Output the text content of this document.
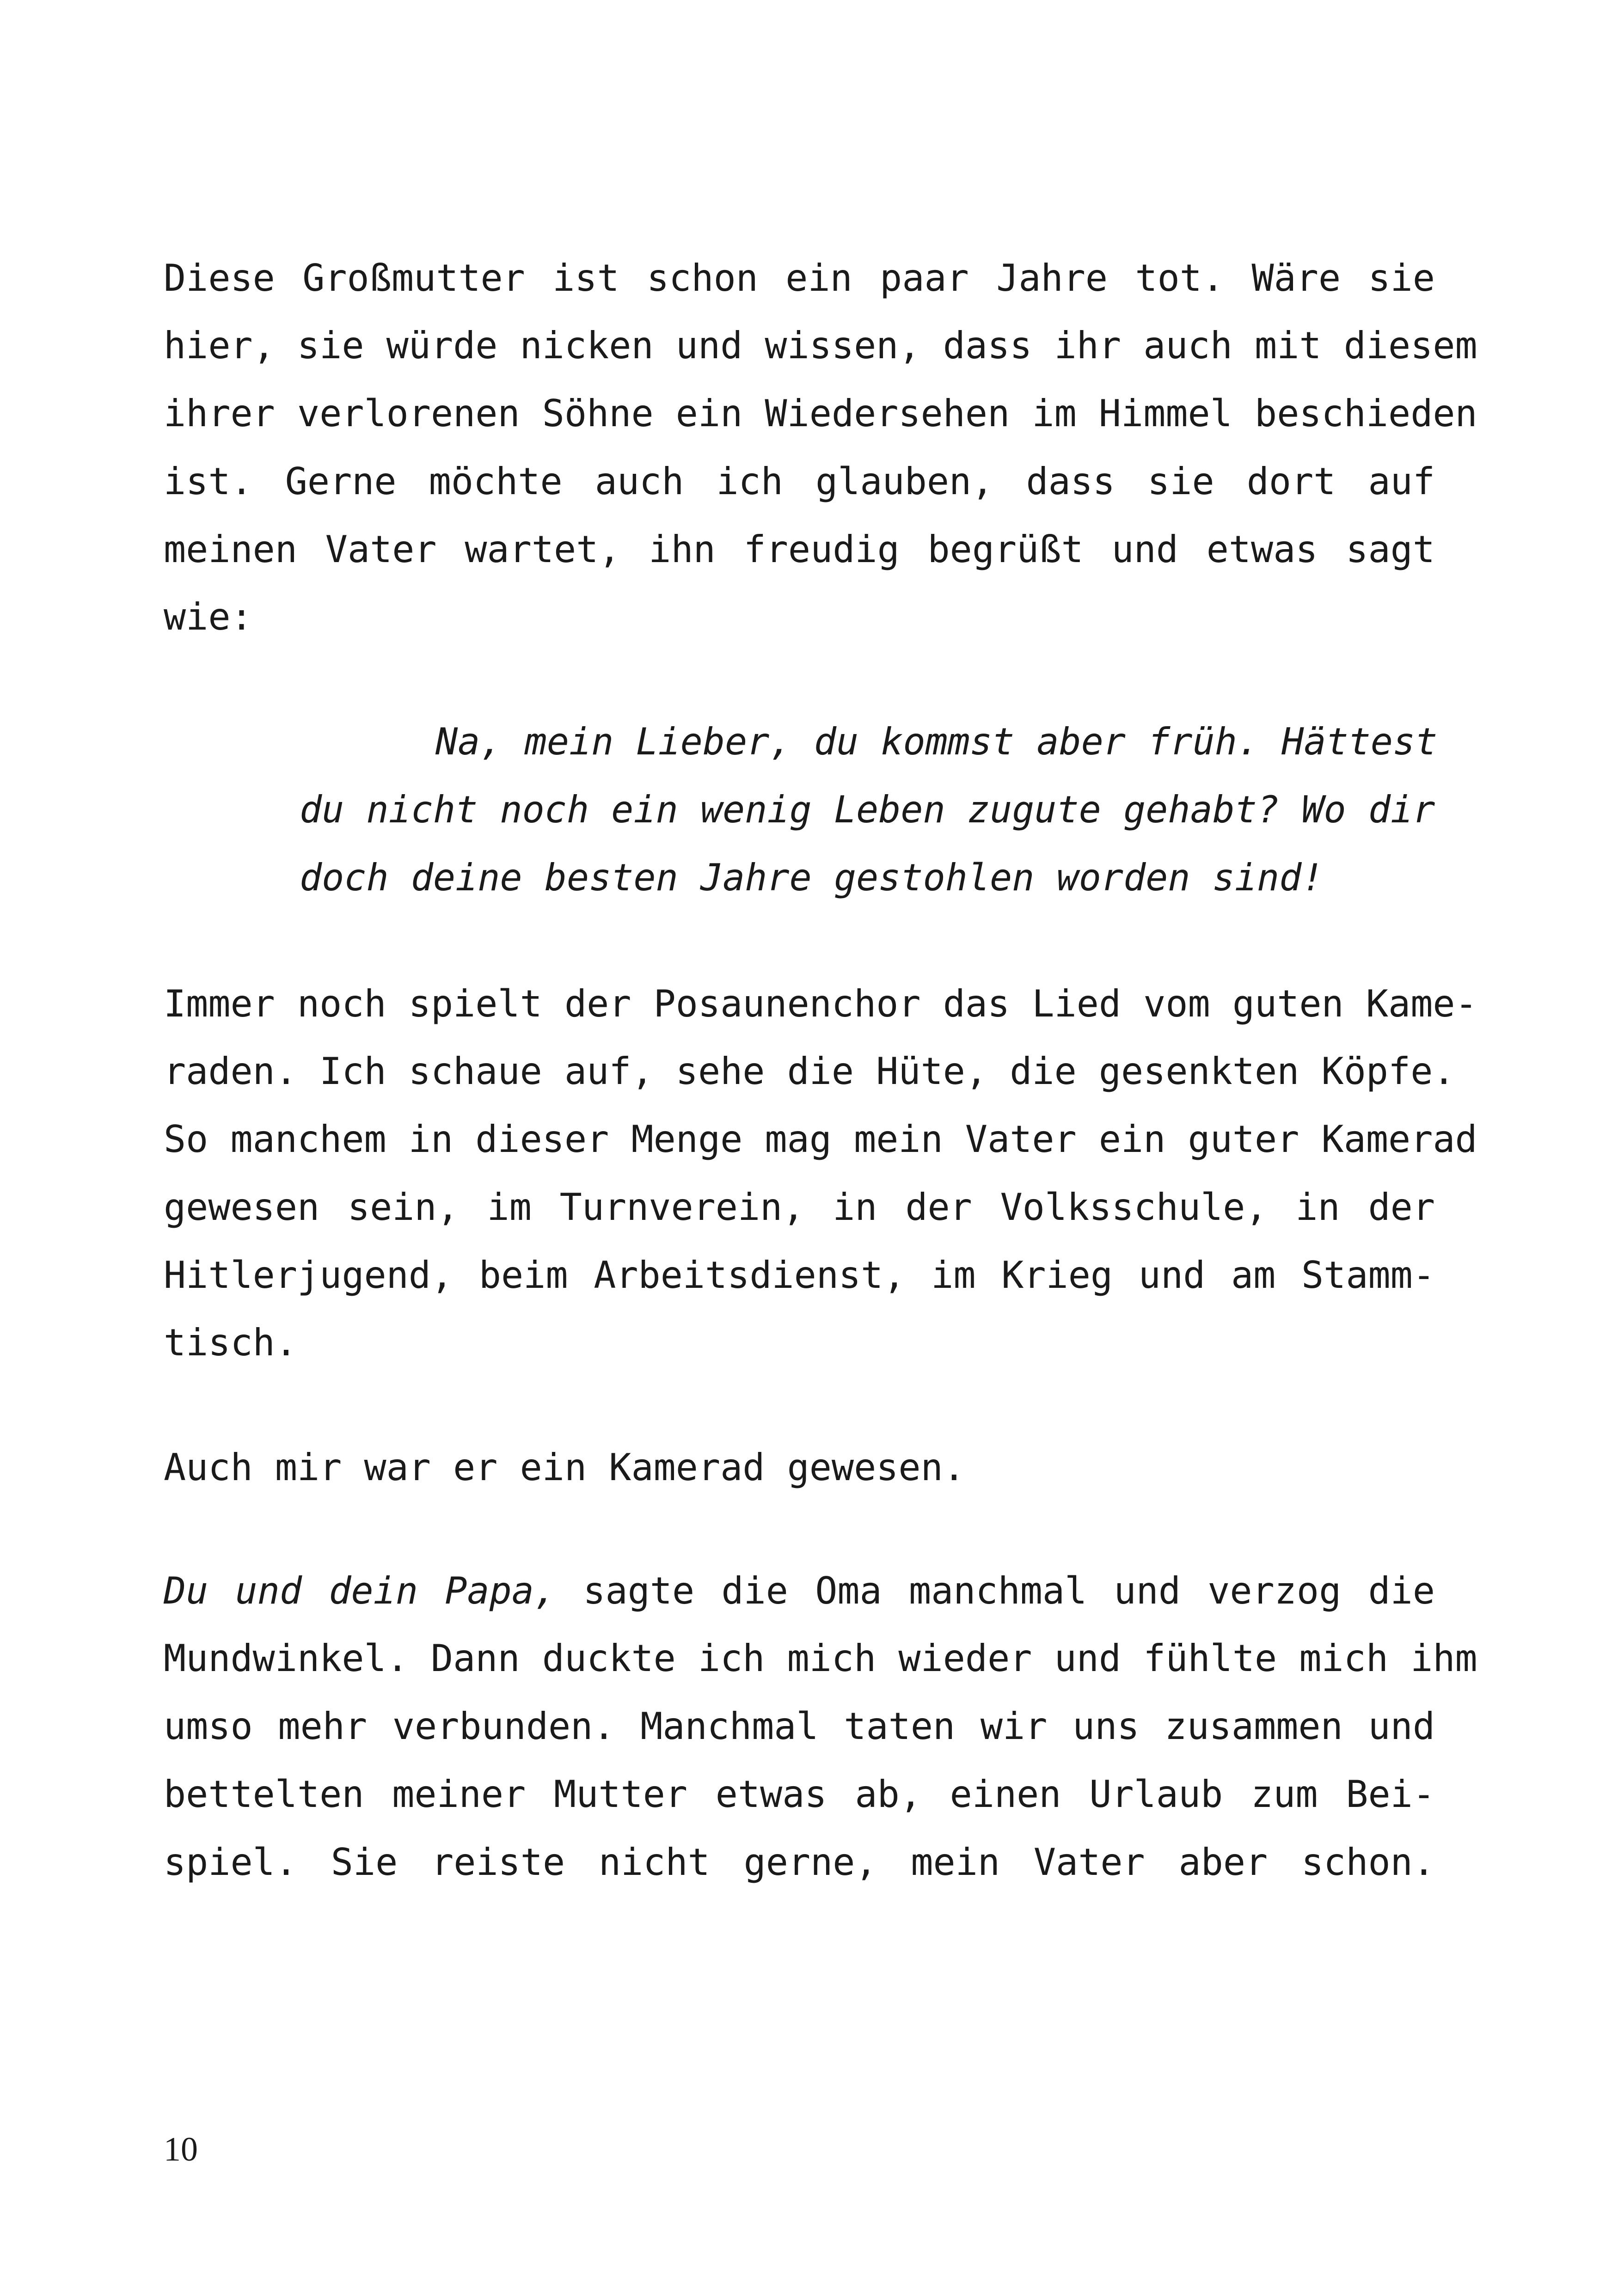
Diese Großmutter ist schon ein paar Jahre tot. Wäre sie
hier, sie würde nicken und wissen, dass ihr auch mit diesem
ihrer verlorenen Söhne ein Wiedersehen im Himmel beschieden
ist. Gerne möchte auch ich glauben, dass sie dort auf
meinen Vater wartet, ihn freudig begrüßt und etwas sagt
wie:
Na, mein Lieber, du kommst aber früh. Hättest
du nicht noch ein wenig Leben zugute gehabt? Wo dir
doch deine besten Jahre gestohlen worden sind!
Immer noch spielt der Posaunenchor das Lied vom guten Kame-
raden. Ich schaue auf, sehe die Hüte, die gesenkten Köpfe.
So manchem in dieser Menge mag mein Vater ein guter Kamerad
gewesen sein, im Turnverein, in der Volksschule, in der
Hitlerjugend, beim Arbeitsdienst, im Krieg und am Stamm-
tisch.
Auch mir war er ein Kamerad gewesen.
Du und dein Papa, sagte die Oma manchmal und verzog die
Mundwinkel. Dann duckte ich mich wieder und fühlte mich ihm
umso mehr verbunden. Manchmal taten wir uns zusammen und
bettelten meiner Mutter etwas ab, einen Urlaub zum Bei-
spiel. Sie reiste nicht gerne, mein Vater aber schon.
10
